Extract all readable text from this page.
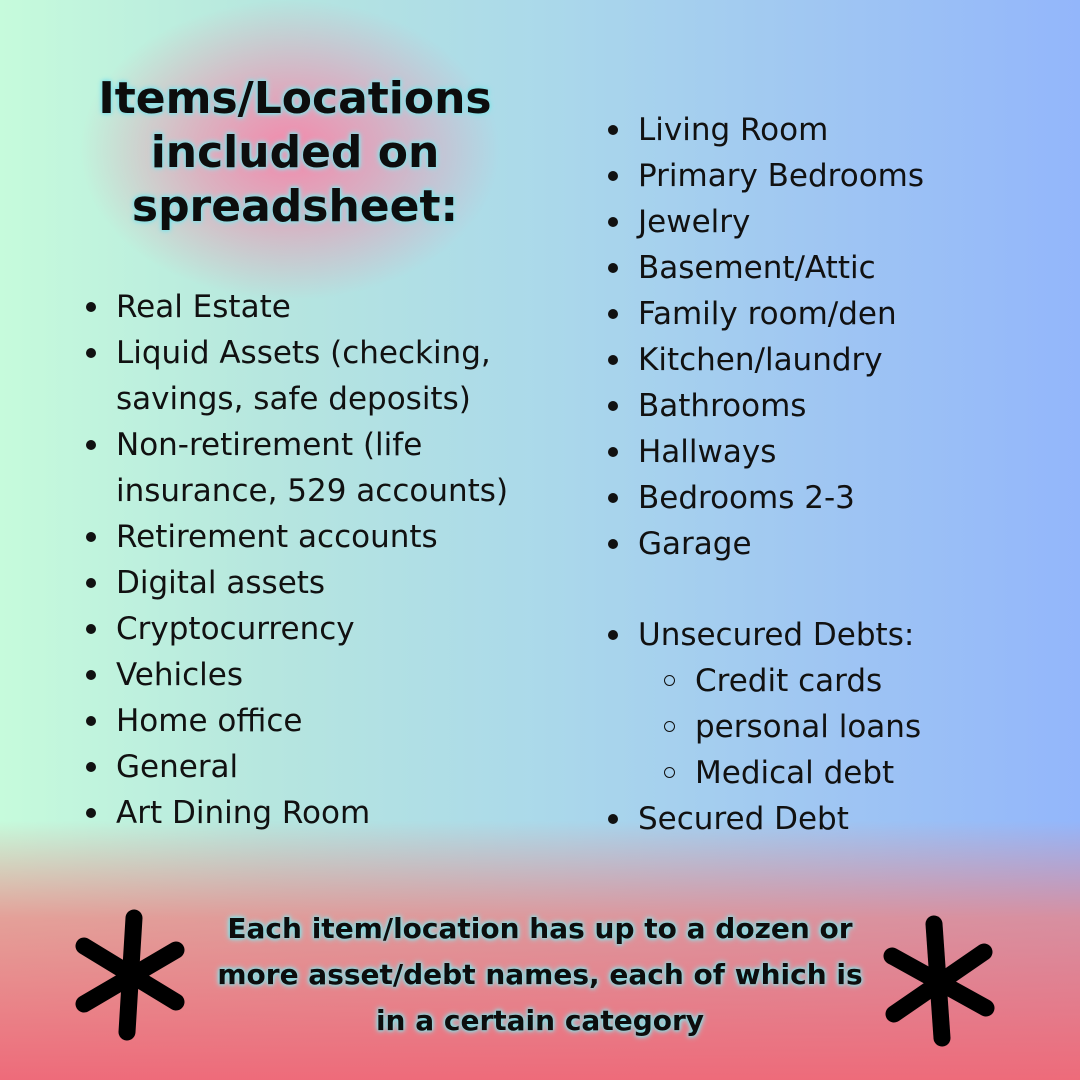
Items/Locations included on spreadsheet:
Real Estate
Liquid Assets (checking,
savings, safe deposits)
Non-retirement (life
insurance, 529 accounts)
Retirement accounts
Digital assets
Cryptocurrency
Vehicles
Home office
General
Art Dining Room
Living Room
Primary Bedrooms
Jewelry
Basement/Attic
Family room/den
Kitchen/laundry
Bathrooms
Hallways
Bedrooms 2-3
Garage
Unsecured Debts:
Credit cards
personal loans
Medical debt
Secured Debt

Each item/location has up to a dozen or more asset/debt names, each of which is in a certain category
